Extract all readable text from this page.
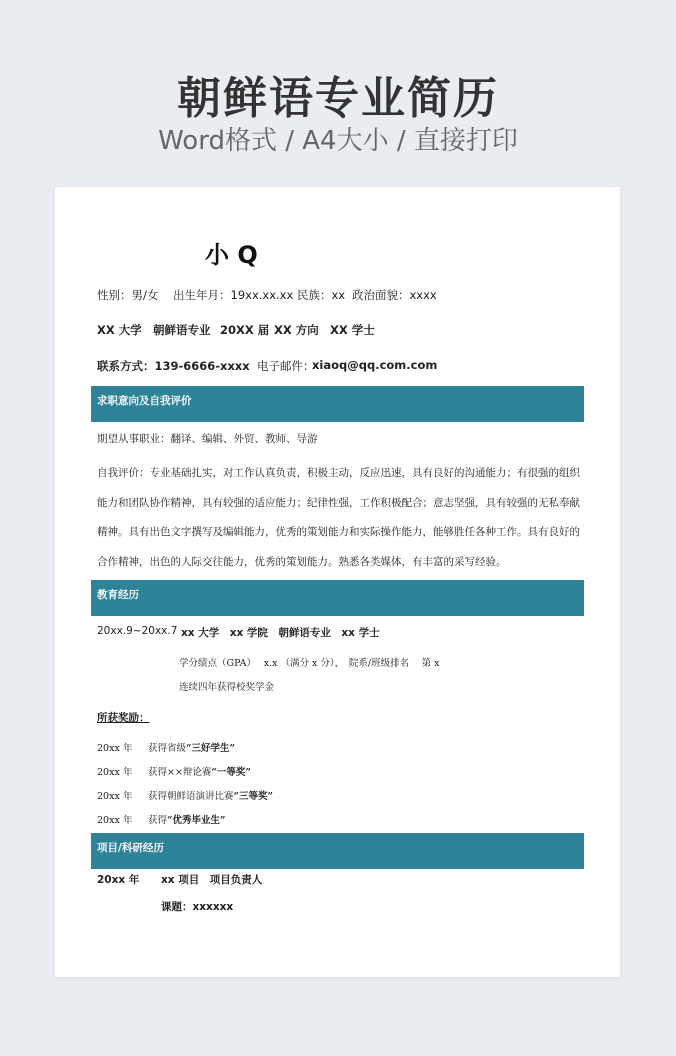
朝鲜语专业简历
Word格式 / A4大小 / 直接打印
小 Q
性别：男/女 出生年月：19xx.xx.xx 民族：xx 政治面貌：xxxx
XX 大学 朝鲜语专业 20XX 届 XX 方向 XX 学士
联系方式：139-6666-xxxx 电子邮件：
xiaoq@qq.com.com
求职意向及自我评价
期望从事职业：翻译、编辑、外贸、教师、导游
自我评价：专业基础扎实，对工作认真负责，积极主动，反应迅速，具有良好的沟通能力；有很强的组织能力和团队协作精神，具有较强的适应能力；纪律性强，工作积极配合；意志坚强，具有较强的无私奉献精神。具有出色文字撰写及编辑能力，优秀的策划能力和实际操作能力，能够胜任各种工作。具有良好的合作精神，出色的人际交往能力，优秀的策划能力。熟悉各类媒体，有丰富的采写经验。
教育经历
20xx.9~20xx.7 xx 大学　xx 学院　朝鲜语专业　xx 学士
学分绩点（GPA）　 x.x （满分 x 分），　院系/班级排名　 第 x
连续四年获得校奖学金
所获奖励：
20xx 年 获得省级“三好学生”
20xx 年 获得××辩论赛“一等奖”
20xx 年 获得朝鲜语演讲比赛“三等奖”
20xx 年 获得“优秀毕业生”
项目/科研经历
20xx 年 xx 项目　项目负责人
课题：xxxxxx
